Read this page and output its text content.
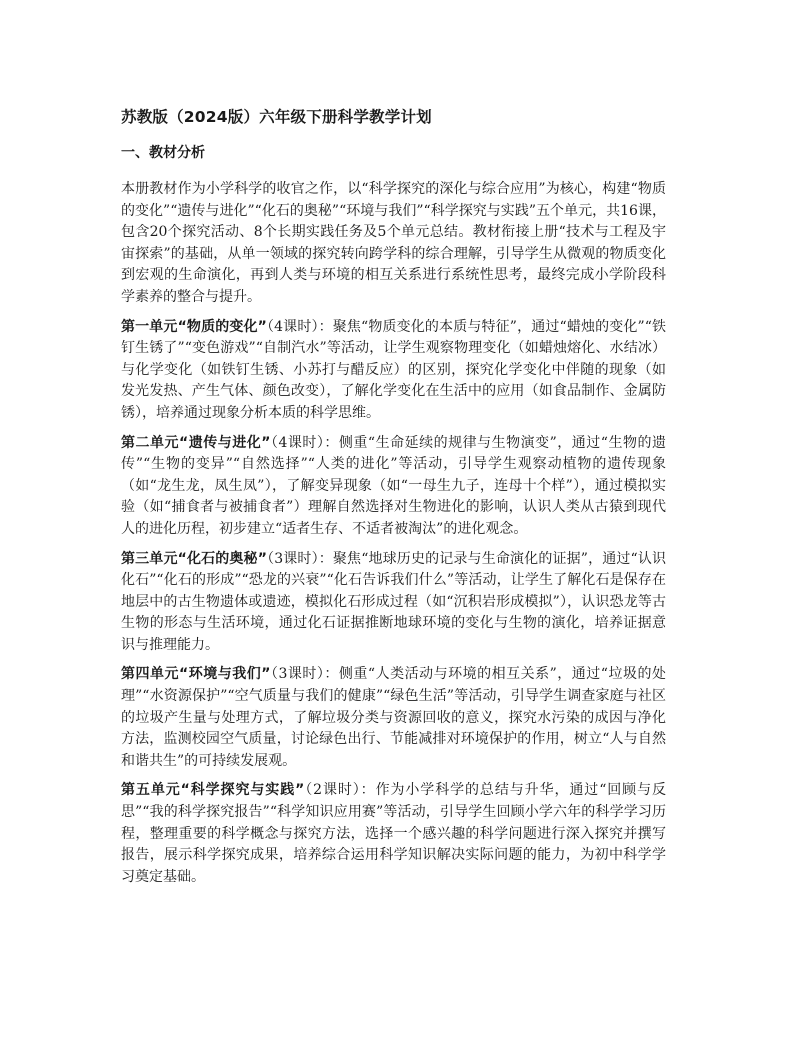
苏教版（2024版）六年级下册科学教学计划
一、教材分析

本册教材作为小学科学的收官之作，以“科学探究的深化与综合应用”为核心，构建“物质的变化”“遗传与进化”“化石的奥秘”“环境与我们”“科学探究与实践”五个单元，共16课，包含20个探究活动、8个长期实践任务及5个单元总结。教材衔接上册“技术与工程及宇宙探索”的基础，从单一领域的探究转向跨学科的综合理解，引导学生从微观的物质变化到宏观的生命演化，再到人类与环境的相互关系进行系统性思考，最终完成小学阶段科学素养的整合与提升。

第一单元“物质的变化”（4课时）：聚焦“物质变化的本质与特征”，通过“蜡烛的变化”“铁钉生锈了”“变色游戏”“自制汽水”等活动，让学生观察物理变化（如蜡烛熔化、水结冰）与化学变化（如铁钉生锈、小苏打与醋反应）的区别，探究化学变化中伴随的现象（如发光发热、产生气体、颜色改变），了解化学变化在生活中的应用（如食品制作、金属防锈），培养通过现象分析本质的科学思维。

第二单元“遗传与进化”（4课时）：侧重“生命延续的规律与生物演变”，通过“生物的遗传”“生物的变异”“自然选择”“人类的进化”等活动，引导学生观察动植物的遗传现象（如“龙生龙，凤生凤”），了解变异现象（如“一母生九子，连母十个样”），通过模拟实验（如“捕食者与被捕食者”）理解自然选择对生物进化的影响，认识人类从古猿到现代人的进化历程，初步建立“适者生存、不适者被淘汰”的进化观念。

第三单元“化石的奥秘”（3课时）：聚焦“地球历史的记录与生命演化的证据”，通过“认识化石”“化石的形成”“恐龙的兴衰”“化石告诉我们什么”等活动，让学生了解化石是保存在地层中的古生物遗体或遗迹，模拟化石形成过程（如“沉积岩形成模拟”），认识恐龙等古生物的形态与生活环境，通过化石证据推断地球环境的变化与生物的演化，培养证据意识与推理能力。

第四单元“环境与我们”（3课时）：侧重“人类活动与环境的相互关系”，通过“垃圾的处理”“水资源保护”“空气质量与我们的健康”“绿色生活”等活动，引导学生调查家庭与社区的垃圾产生量与处理方式，了解垃圾分类与资源回收的意义，探究水污染的成因与净化方法，监测校园空气质量，讨论绿色出行、节能减排对环境保护的作用，树立“人与自然和谐共生”的可持续发展观。

第五单元“科学探究与实践”（2课时）：作为小学科学的总结与升华，通过“回顾与反思”“我的科学探究报告”“科学知识应用赛”等活动，引导学生回顾小学六年的科学学习历程，整理重要的科学概念与探究方法，选择一个感兴趣的科学问题进行深入探究并撰写报告，展示科学探究成果，培养综合运用科学知识解决实际问题的能力，为初中科学学习奠定基础。
